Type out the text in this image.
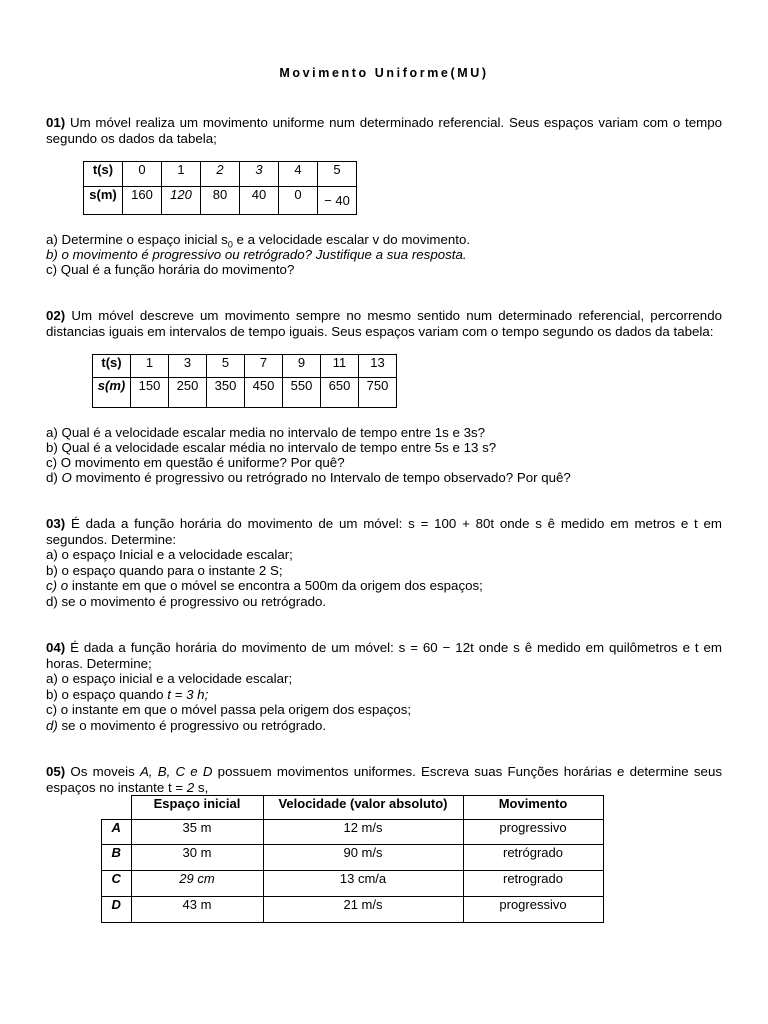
Movimento Uniforme(MU)
01) Um móvel realiza um movimento uniforme num determinado referencial. Seus espaços variam com o tempo segundo os dados da tabela;
t(s)	0	1	2	3	4	5
s(m)	160	120	80	40	0	− 40
a) Determine o espaço inicial $s_0$ e a velocidade escalar v do movimento.
b) o movimento é progressivo ou retrógrado? Justifique a sua resposta.
c) Qual é a função horária do movimento?
02) Um móvel descreve um movimento sempre no mesmo sentido num determinado referencial, percorrendo distancias iguais em intervalos de tempo iguais. Seus espaços variam com o tempo segundo os dados da tabela:
t(s)	1	3	5	7	9	11	13
s(m)	150	250	350	450	550	650	750
a) Qual é a velocidade escalar media no intervalo de tempo entre 1s e 3s?
b) Qual é a velocidade escalar média no intervalo de tempo entre 5s e 13 s?
c) O movimento em questão é uniforme? Por quê?
d) O movimento é progressivo ou retrógrado no Intervalo de tempo observado? Por quê?
03) É dada a função horária do movimento de um móvel: s = 100 + 80t onde s ê medido em metros e t em segundos. Determine:
a) o espaço Inicial e a velocidade escalar;
b) o espaço quando para o instante 2 S;
c) o instante em que o móvel se encontra a 500m da origem dos espaços;
d) se o movimento é progressivo ou retrógrado.
04) É dada a função horária do movimento de um móvel: s = 60 − 12t onde s ê medido em quilômetros e t em horas. Determine;
a) o espaço inicial e a velocidade escalar;
b) o espaço quando t = 3 h;
c) o instante em que o móvel passa pela origem dos espaços;
d) se o movimento é progressivo ou retrógrado.
05) Os moveis A, B, C e D possuem movimentos uniformes. Escreva suas Funções horárias e determine seus espaços no instante t = 2 s,
	Espaço inicial	Velocidade (valor absoluto)	Movimento
A	35 m	12 m/s	progressivo
B	30 m	90 m/s	retrógrado
C	29 cm	13 cm/a	retrogrado
D	43 m	21 m/s	progressivo
